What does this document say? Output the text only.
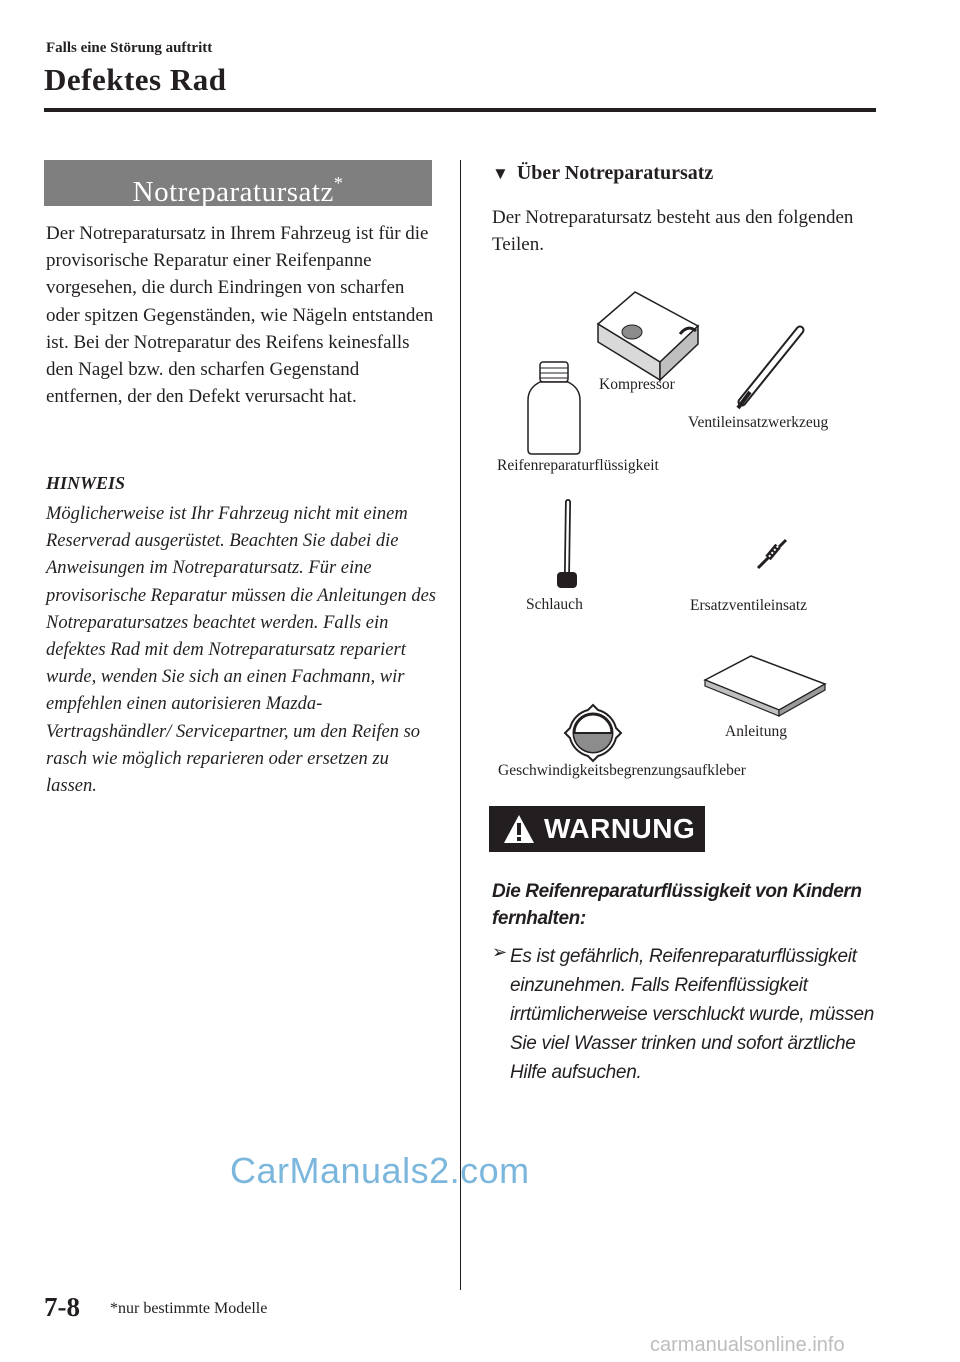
Falls eine Störung auftritt
Defektes Rad
Notreparatursatz*
Der Notreparatursatz in Ihrem Fahrzeug ist für die provisorische Reparatur einer Reifenpanne vorgesehen, die durch Eindringen von scharfen oder spitzen Gegenständen, wie Nägeln entstanden ist. Bei der Notreparatur des Reifens keinesfalls den Nagel bzw. den scharfen Gegenstand entfernen, der den Defekt verursacht hat.
HINWEIS
Möglicherweise ist Ihr Fahrzeug nicht mit einem Reserverad ausgerüstet. Beachten Sie dabei die Anweisungen im Notreparatursatz. Für eine provisorische Reparatur müssen die Anleitungen des Notreparatursatzes beachtet werden. Falls ein defektes Rad mit dem Notreparatursatz repariert wurde, wenden Sie sich an einen Fachmann, wir empfehlen einen autorisieren Mazda-Vertragshändler/ Servicepartner, um den Reifen so rasch wie möglich reparieren oder ersetzen zu lassen.
▼ Über Notreparatursatz
Der Notreparatursatz besteht aus den folgenden Teilen.
Kompressor
Ventileinsatzwerkzeug
Reifenreparaturflüssigkeit
Schlauch	Ersatzventileinsatz
Anleitung
Geschwindigkeitsbegrenzungsaufkleber
WARNUNG
Die Reifenreparaturflüssigkeit von Kindern fernhalten:
➢ Es ist gefährlich, Reifenreparaturflüssigkeit einzunehmen. Falls Reifenflüssigkeit irrtümlicherweise verschluckt wurde, müssen Sie viel Wasser trinken und sofort ärztliche Hilfe aufsuchen.
CarManuals2.com
7-8 *nur bestimmte Modelle
carmanualsonline.info
